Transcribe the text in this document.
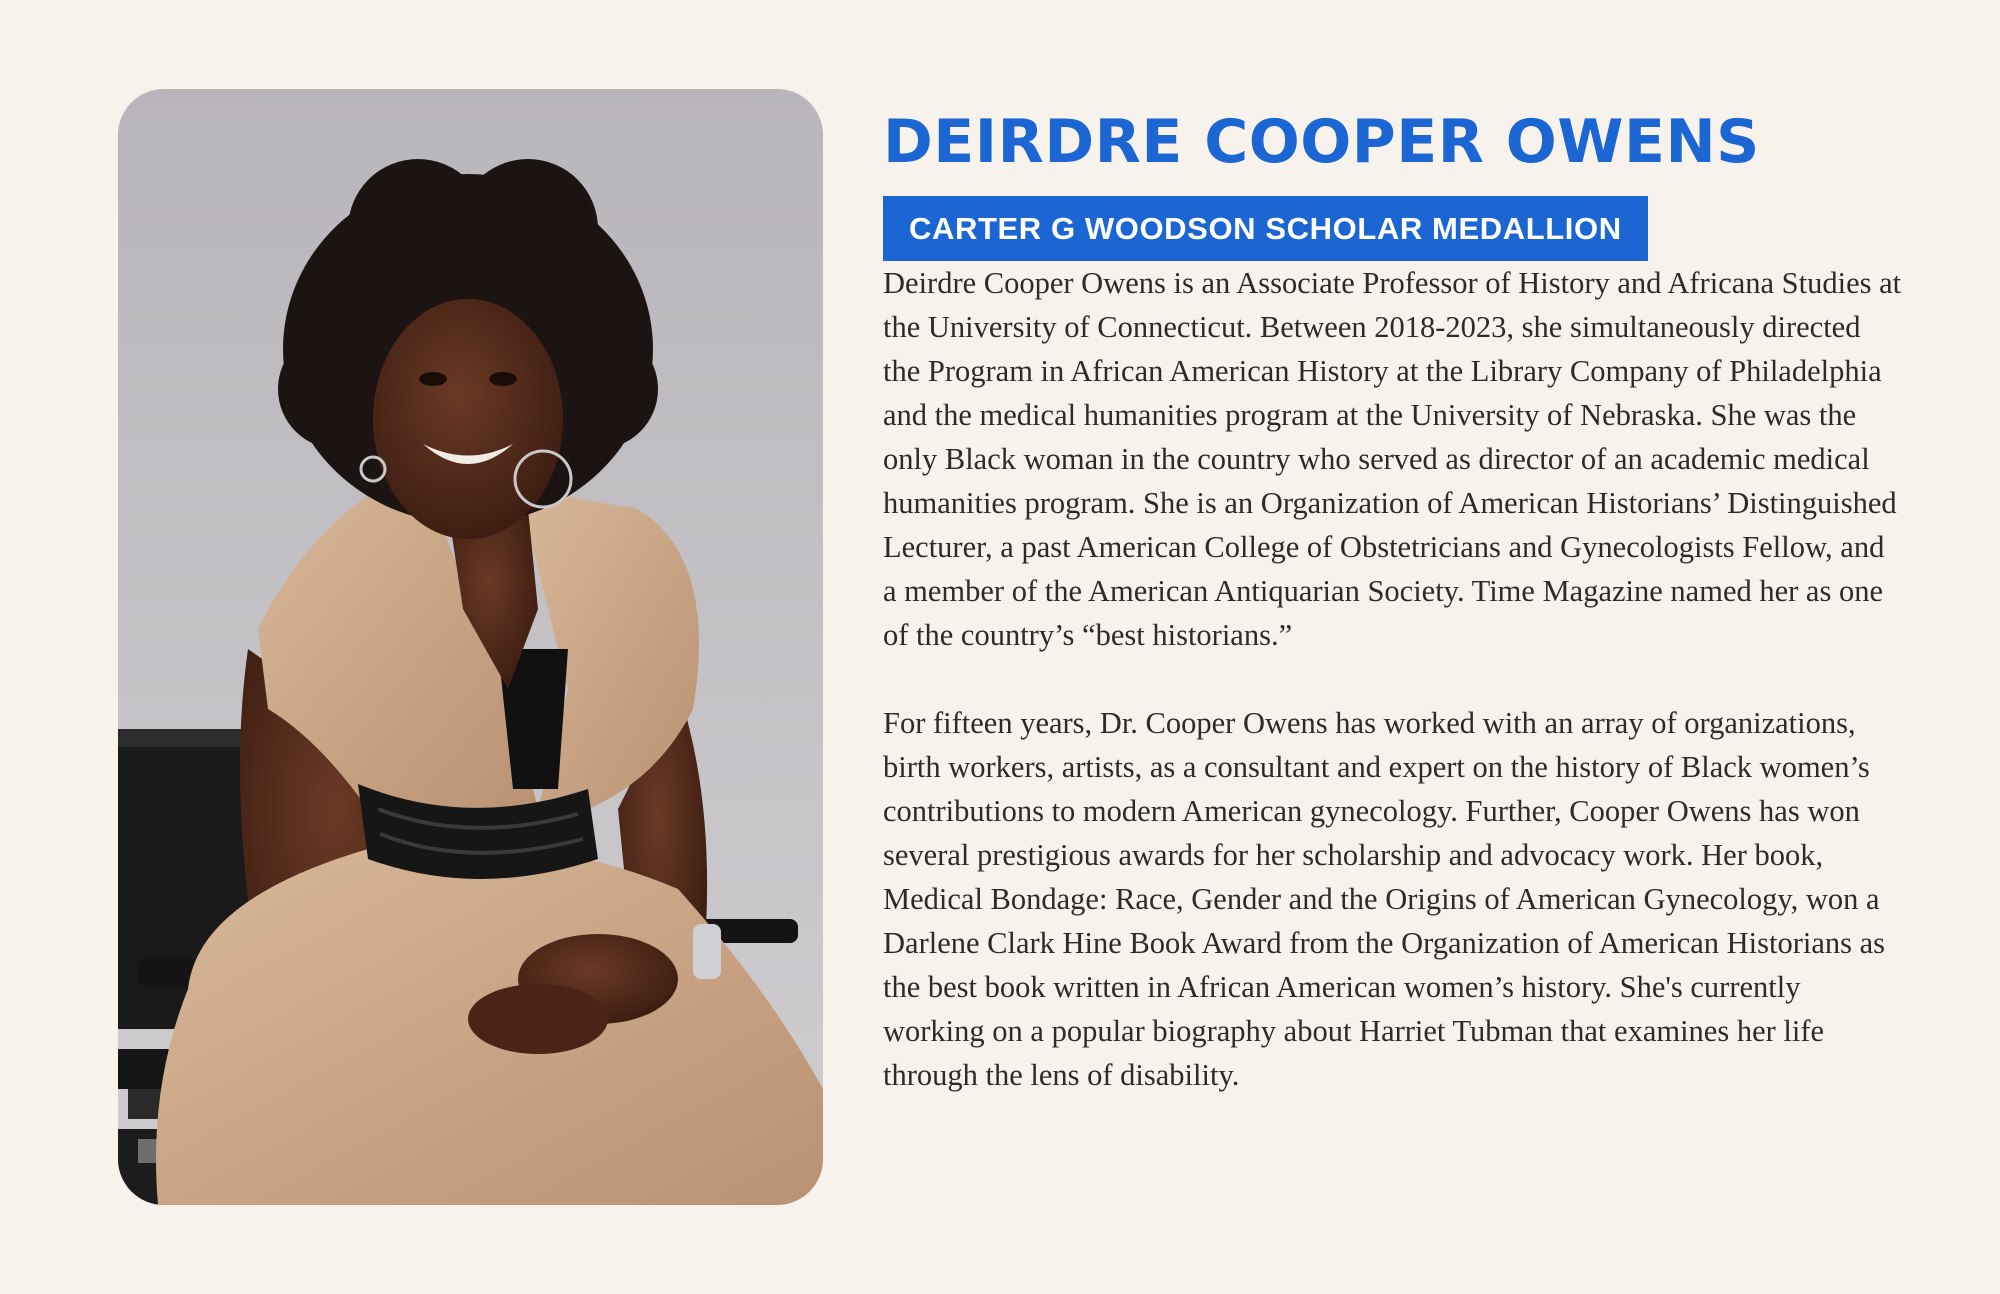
DEIRDRE COOPER OWENS
CARTER G WOODSON SCHOLAR MEDALLION

Deirdre Cooper Owens is an Associate Professor of History and Africana Studies at the University of Connecticut. Between 2018-2023, she simultaneously directed the Program in African American History at the Library Company of Philadelphia and the medical humanities program at the University of Nebraska. She was the only Black woman in the country who served as director of an academic medical humanities program. She is an Organization of American Historians’ Distinguished Lecturer, a past American College of Obstetricians and Gynecologists Fellow, and a member of the American Antiquarian Society. Time Magazine named her as one of the country’s “best historians.”

For fifteen years, Dr. Cooper Owens has worked with an array of organizations, birth workers, artists, as a consultant and expert on the history of Black women’s contributions to modern American gynecology. Further, Cooper Owens has won several prestigious awards for her scholarship and advocacy work. Her book, Medical Bondage: Race, Gender and the Origins of American Gynecology, won a Darlene Clark Hine Book Award from the Organization of American Historians as the best book written in African American women’s history. She's currently working on a popular biography about Harriet Tubman that examines her life through the lens of disability.
